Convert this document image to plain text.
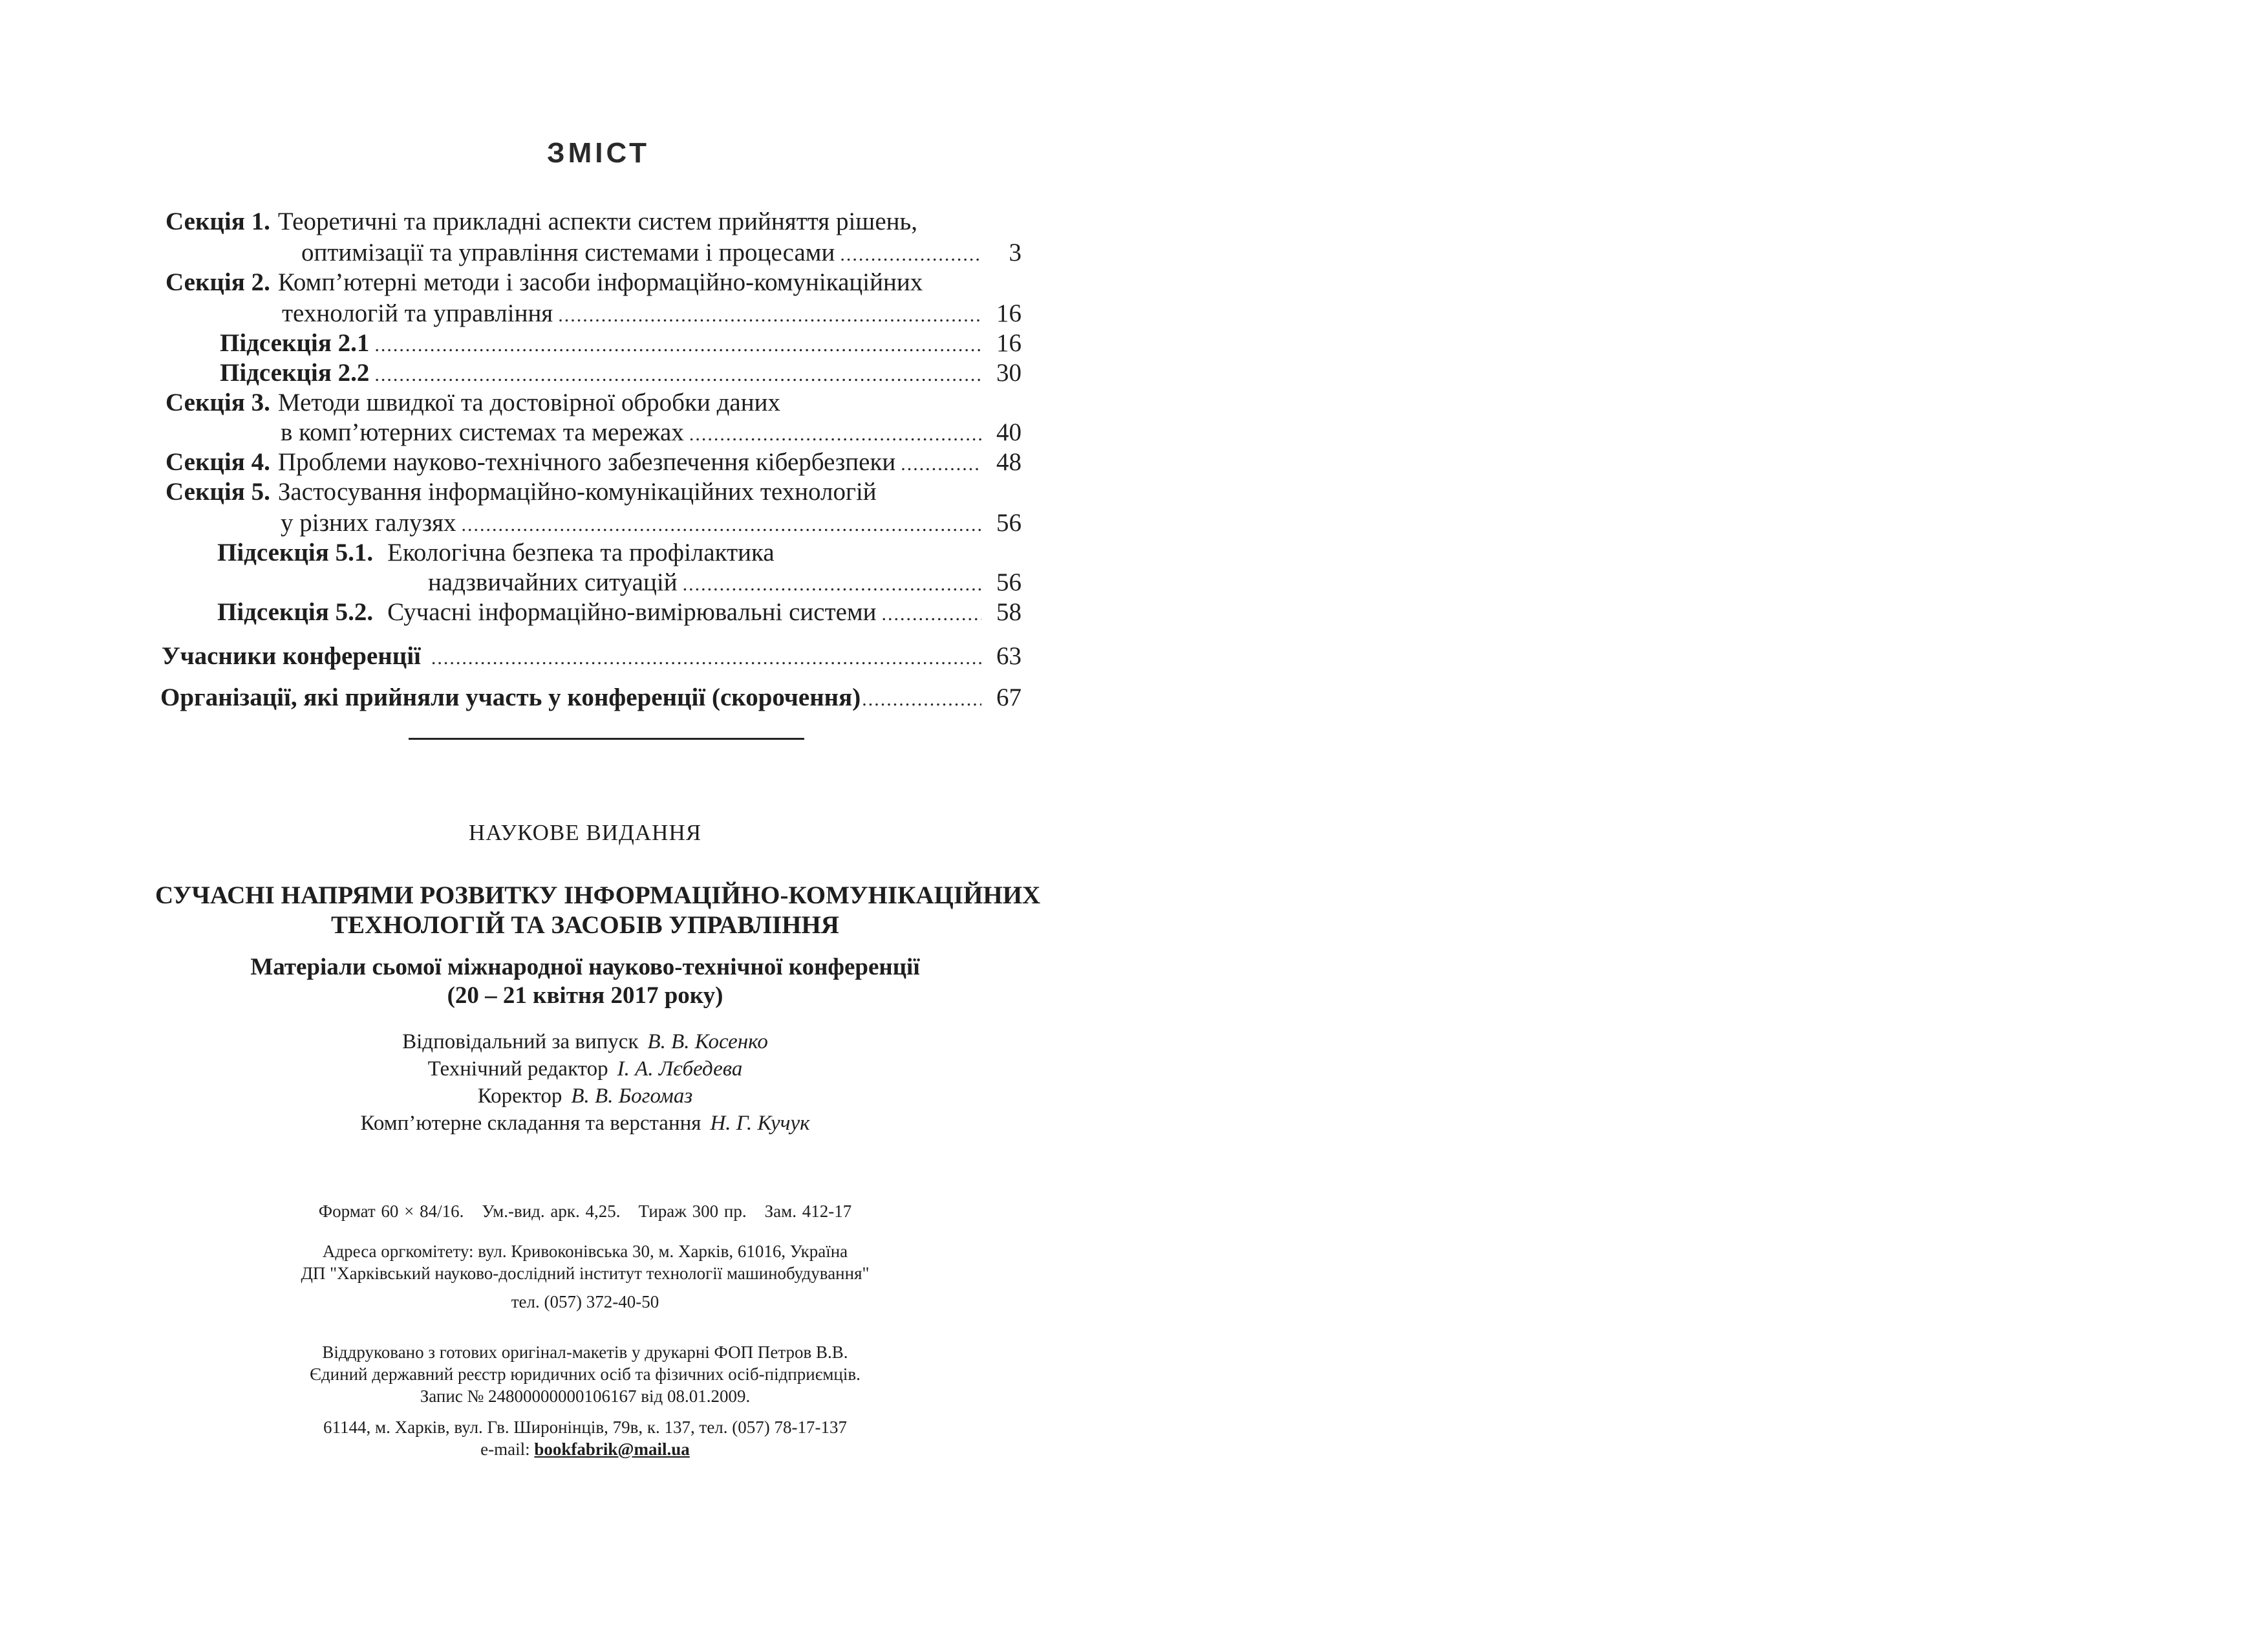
ЗМІСТ
Секція 1. Теоретичні та прикладні аспекти систем прийняття рішень,
оптимізації та управління системами і процесами .....	3
Секція 2. Комп’ютерні методи і засоби інформаційно-комунікаційних
технологій та управління .....	16
Підсекція 2.1 .....	16
Підсекція 2.2 .....	30
Секція 3. Методи швидкої та достовірної обробки даних
в комп’ютерних системах та мережах .....	40
Секція 4. Проблеми науково-технічного забезпечення кібербезпеки .....	48
Секція 5. Застосування інформаційно-комунікаційних технологій
у різних галузях .....	56
Підсекція 5.1. Екологічна безпека та профілактика
надзвичайних ситуацій .....	56
Підсекція 5.2. Сучасні інформаційно-вимірювальні системи .....	58
Учасники конференції .....	63
Організації, які прийняли участь у конференції (скорочення) .....	67
НАУКОВЕ ВИДАННЯ
СУЧАСНІ НАПРЯМИ РОЗВИТКУ ІНФОРМАЦІЙНО-КОМУНІКАЦІЙНИХ
ТЕХНОЛОГІЙ ТА ЗАСОБІВ УПРАВЛІННЯ
Матеріали сьомої міжнародної науково-технічної конференції
(20 – 21 квітня 2017 року)
Відповідальний за випуск В. В. Косенко
Технічний редактор І. А. Лєбедева
Коректор В. В. Богомаз
Комп’ютерне складання та верстання Н. Г. Кучук
Формат 60 × 84/16. Ум.-вид. арк. 4,25. Тираж 300 пр. Зам. 412-17
Адреса оргкомітету: вул. Кривоконівська 30, м. Харків, 61016, Україна
ДП "Харківський науково-дослідний інститут технології машинобудування"
тел. (057) 372-40-50
Віддруковано з готових оригінал-макетів у друкарні ФОП Петров В.В.
Єдиний державний реєстр юридичних осіб та фізичних осіб-підприємців.
Запис № 24800000000106167 від 08.01.2009.
61144, м. Харків, вул. Гв. Широнінців, 79в, к. 137, тел. (057) 78-17-137
e-mail: bookfabrik@mail.ua
